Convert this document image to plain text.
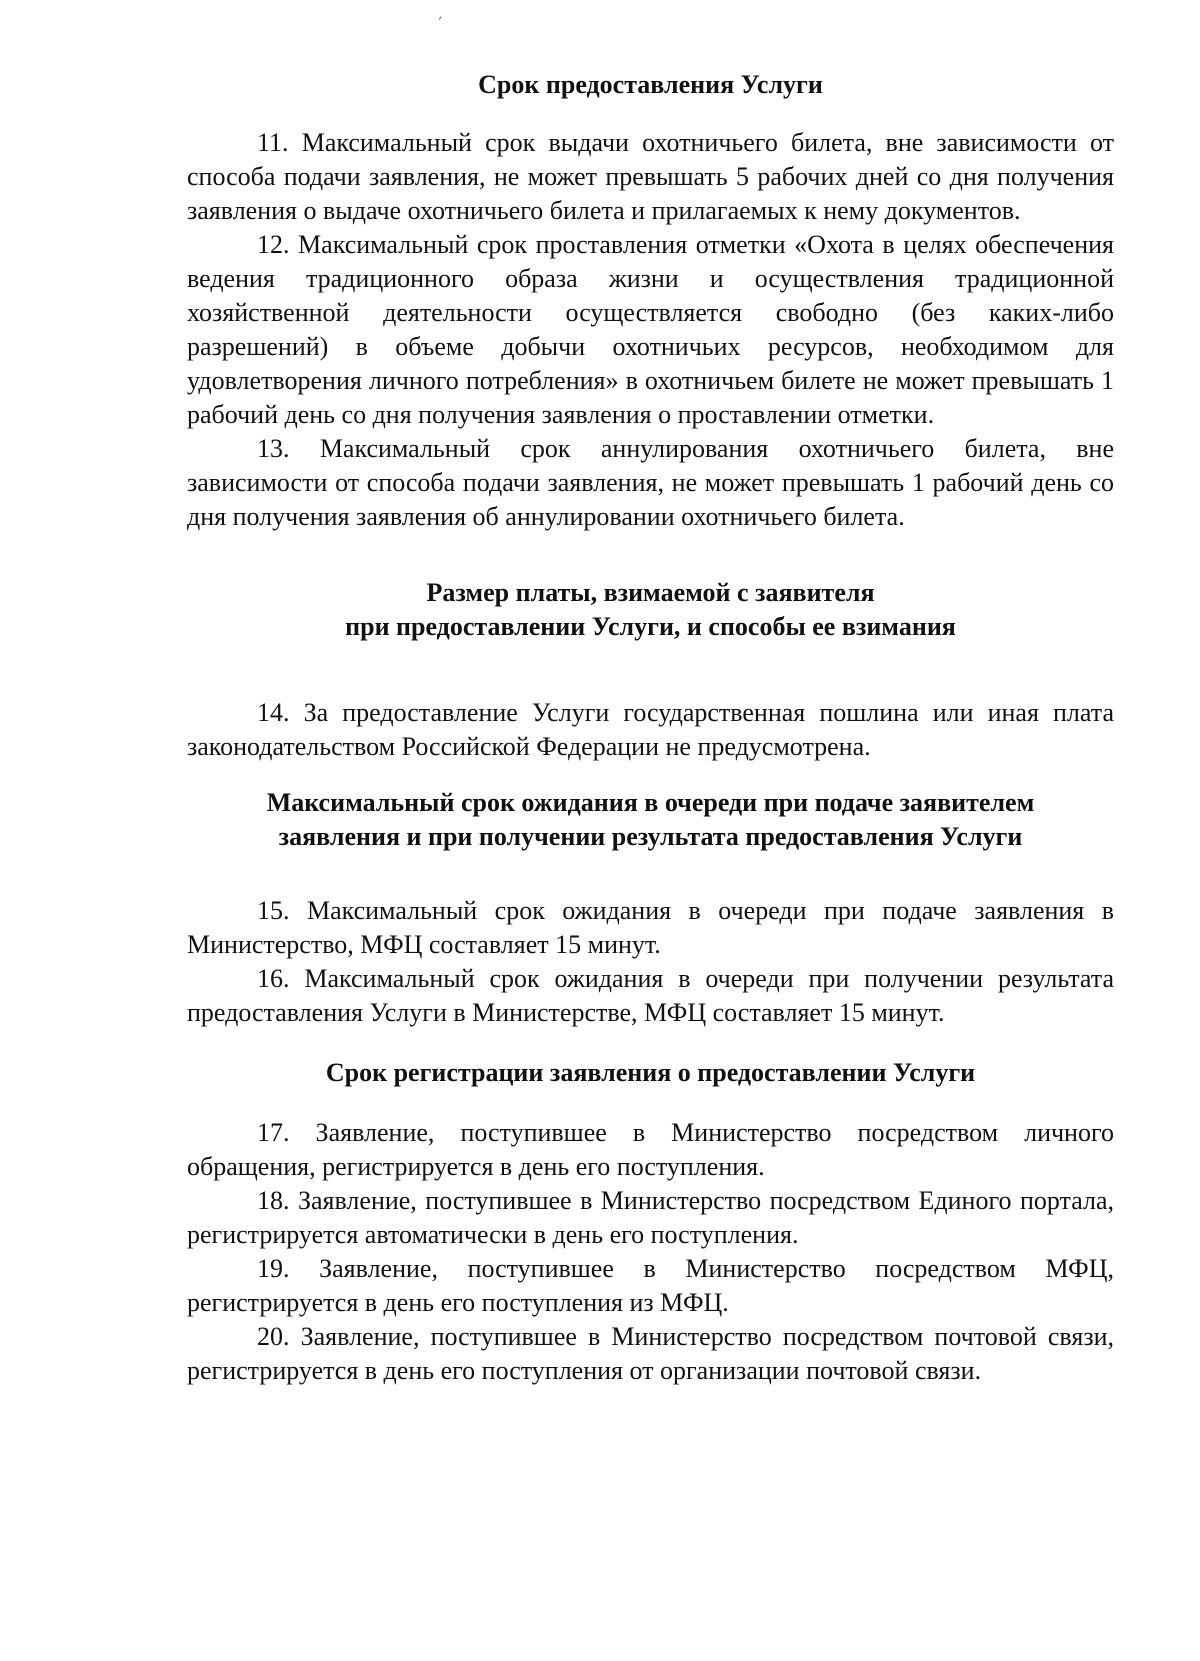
ˏ
Срок предоставления Услуги

11. Максимальный срок выдачи охотничьего билета, вне зависимости от способа подачи заявления, не может превышать 5 рабочих дней со дня получения заявления о выдаче охотничьего билета и прилагаемых к нему документов.

12. Максимальный срок проставления отметки «Охота в целях обеспечения ведения традиционного образа жизни и осуществления традиционной хозяйственной деятельности осуществляется свободно (без каких-либо разрешений) в объеме добычи охотничьих ресурсов, необходимом для удовлетворения личного потребления» в охотничьем билете не может превышать 1 рабочий день со дня получения заявления о проставлении отметки.

13. Максимальный срок аннулирования охотничьего билета, вне зависимости от способа подачи заявления, не может превышать 1 рабочий день со дня получения заявления об аннулировании охотничьего билета.

Размер платы, взимаемой с заявителя
при предоставлении Услуги, и способы ее взимания

14. За предоставление Услуги государственная пошлина или иная плата законодательством Российской Федерации не предусмотрена.

Максимальный срок ожидания в очереди при подаче заявителем
заявления и при получении результата предоставления Услуги

15. Максимальный срок ожидания в очереди при подаче заявления в Министерство, МФЦ составляет 15 минут.

16. Максимальный срок ожидания в очереди при получении результата предоставления Услуги в Министерстве, МФЦ составляет 15 минут.

Срок регистрации заявления о предоставлении Услуги

17. Заявление, поступившее в Министерство посредством личного обращения, регистрируется в день его поступления.

18. Заявление, поступившее в Министерство посредством Единого портала, регистрируется автоматически в день его поступления.

19. Заявление, поступившее в Министерство посредством МФЦ, регистрируется в день его поступления из МФЦ.

20. Заявление, поступившее в Министерство посредством почтовой связи, регистрируется в день его поступления от организации почтовой связи.
